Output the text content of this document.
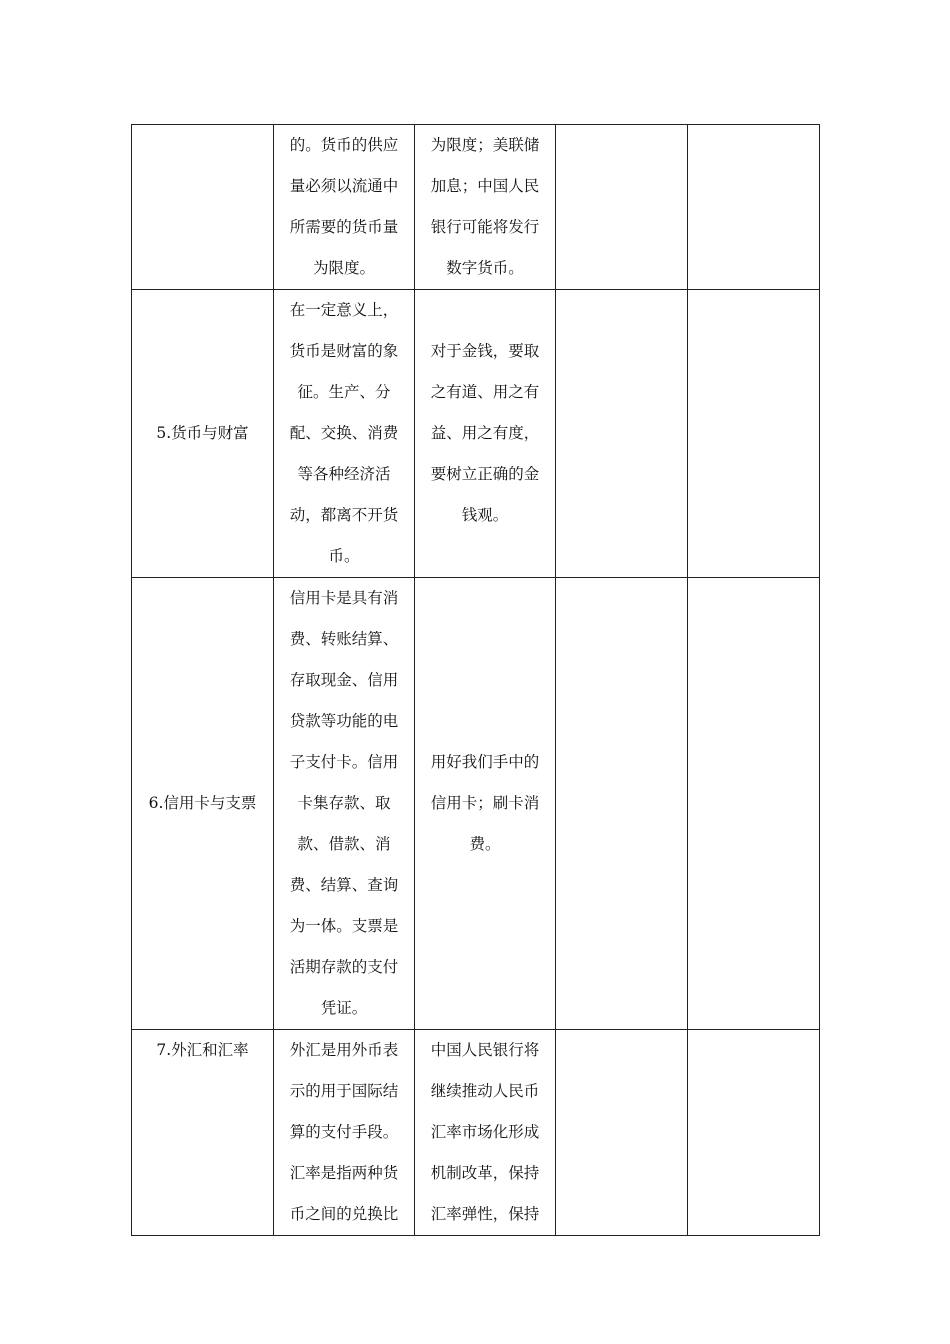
	的。货币的供应量必须以流通中所需要的货币量为限度。	为限度；美联储加息；中国人民银行可能将发行数字货币。		

5.货币与财富	在一定意义上，货币是财富的象征。生产、分配、交换、消费等各种经济活动，都离不开货币。	对于金钱，要取之有道、用之有益、用之有度，要树立正确的金钱观。		

6.信用卡与支票	信用卡是具有消费、转账结算、存取现金、信用贷款等功能的电子支付卡。信用卡集存款、取款、借款、消费、结算、查询为一体。支票是活期存款的支付凭证。	用好我们手中的信用卡；刷卡消费。		

7.外汇和汇率	外汇是用外币表示的用于国际结算的支付手段。汇率是指两种货币之间的兑换比	中国人民银行将继续推动人民币汇率市场化形成机制改革，保持汇率弹性，保持		
